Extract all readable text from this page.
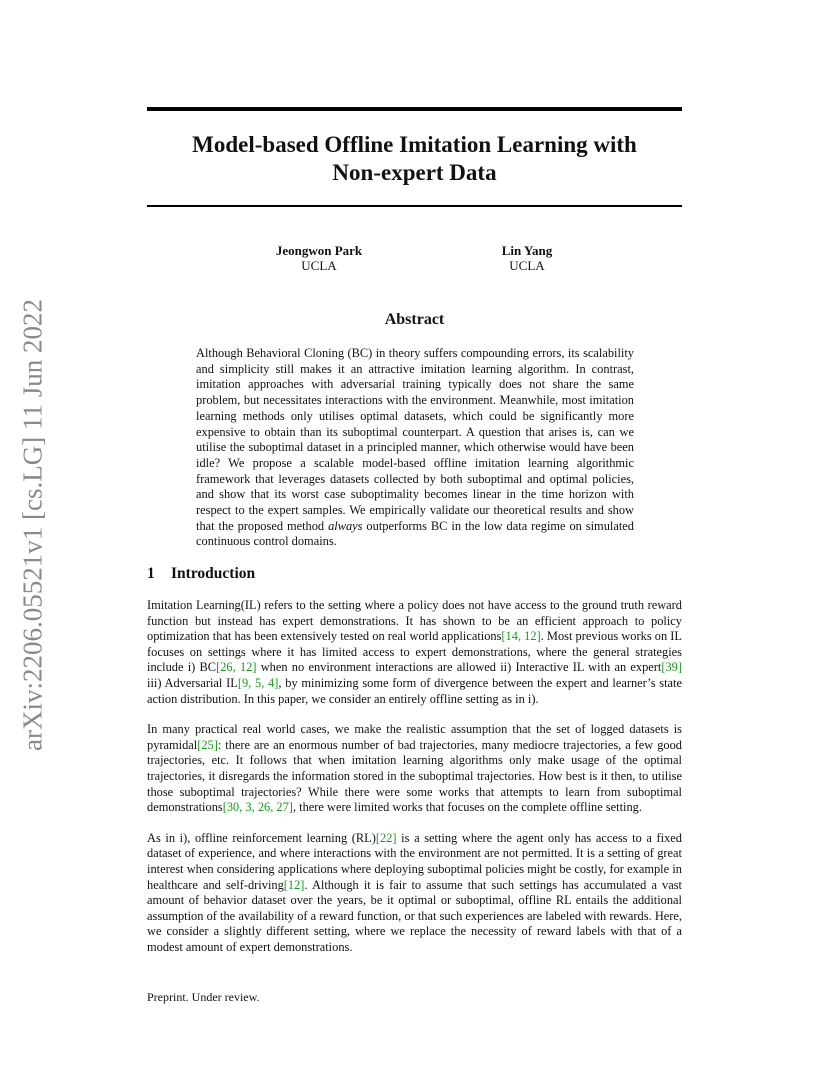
arXiv:2206.05521v1 [cs.LG] 11 Jun 2022
Model-based Offline Imitation Learning with
Non-expert Data
Jeongwon Park
UCLA
Lin Yang
UCLA
Abstract
Although Behavioral Cloning (BC) in theory suffers compounding errors, its scalability and simplicity still makes it an attractive imitation learning algorithm. In contrast, imitation approaches with adversarial training typically does not share the same problem, but necessitates interactions with the environment. Meanwhile, most imitation learning methods only utilises optimal datasets, which could be significantly more expensive to obtain than its suboptimal counterpart. A question that arises is, can we utilise the suboptimal dataset in a principled manner, which otherwise would have been idle? We propose a scalable model-based offline imitation learning algorithmic framework that leverages datasets collected by both suboptimal and optimal policies, and show that its worst case suboptimality becomes linear in the time horizon with respect to the expert samples. We empirically validate our theoretical results and show that the proposed method always outperforms BC in the low data regime on simulated continuous control domains.
1 Introduction

Imitation Learning(IL) refers to the setting where a policy does not have access to the ground truth reward function but instead has expert demonstrations. It has shown to be an efficient approach to policy optimization that has been extensively tested on real world applications[14, 12]. Most previous works on IL focuses on settings where it has limited access to expert demonstrations, where the general strategies include i) BC[26, 12] when no environment interactions are allowed ii) Interactive IL with an expert[39] iii) Adversarial IL[9, 5, 4], by minimizing some form of divergence between the expert and learner’s state action distribution. In this paper, we consider an entirely offline setting as in i).

In many practical real world cases, we make the realistic assumption that the set of logged datasets is pyramidal[25]: there are an enormous number of bad trajectories, many mediocre trajectories, a few good trajectories, etc. It follows that when imitation learning algorithms only make usage of the optimal trajectories, it disregards the information stored in the suboptimal trajectories. How best is it then, to utilise those suboptimal trajectories? While there were some works that attempts to learn from suboptimal demonstrations[30, 3, 26, 27], there were limited works that focuses on the complete offline setting.

As in i), offline reinforcement learning (RL)[22] is a setting where the agent only has access to a fixed dataset of experience, and where interactions with the environment are not permitted. It is a setting of great interest when considering applications where deploying suboptimal policies might be costly, for example in healthcare and self-driving[12]. Although it is fair to assume that such settings has accumulated a vast amount of behavior dataset over the years, be it optimal or suboptimal, offline RL entails the additional assumption of the availability of a reward function, or that such experiences are labeled with rewards. Here, we consider a slightly different setting, where we replace the necessity of reward labels with that of a modest amount of expert demonstrations.

Preprint. Under review.
